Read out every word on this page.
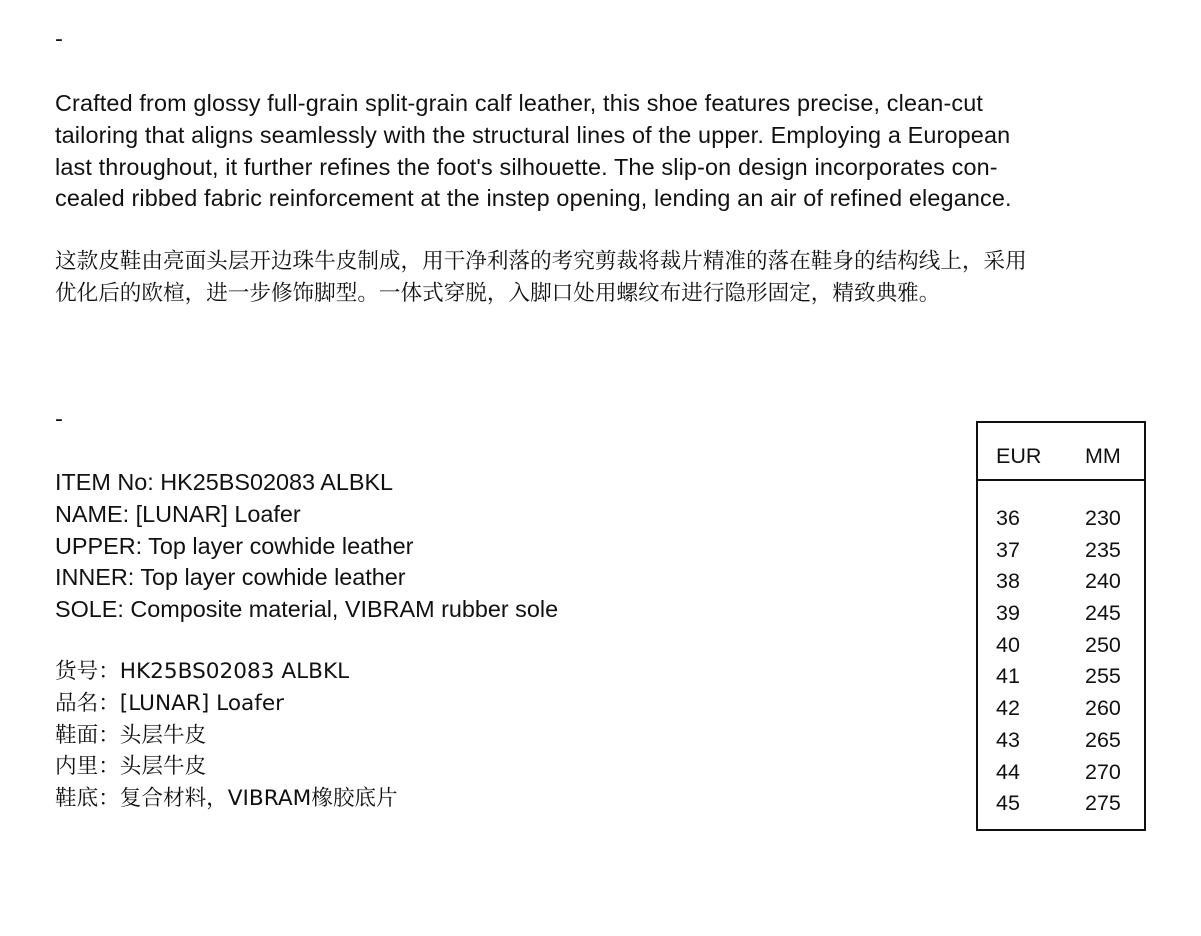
-

Crafted from glossy full-grain split-grain calf leather, this shoe features precise, clean-cut
tailoring that aligns seamlessly with the structural lines of the upper. Employing a European
last throughout, it further refines the foot's silhouette. The slip-on design incorporates con-
cealed ribbed fabric reinforcement at the instep opening, lending an air of refined elegance.

这款皮鞋由亮面头层开边珠牛皮制成，用干净利落的考究剪裁将裁片精准的落在鞋身的结构线上，采用
优化后的欧楦，进一步修饰脚型。一体式穿脱，入脚口处用螺纹布进行隐形固定，精致典雅。

-
ITEM No: HK25BS02083 ALBKL
NAME: [LUNAR] Loafer
UPPER: Top layer cowhide leather
INNER: Top layer cowhide leather
SOLE: Composite material, VIBRAM rubber sole
货号：HK25BS02083 ALBKL
品名：[LUNAR] Loafer
鞋面：头层牛皮
内里：头层牛皮
鞋底：复合材料，VIBRAM橡胶底片
EUR MM
36	230
37	235
38	240
39	245
40	250
41	255
42	260
43	265
44	270
45	275
